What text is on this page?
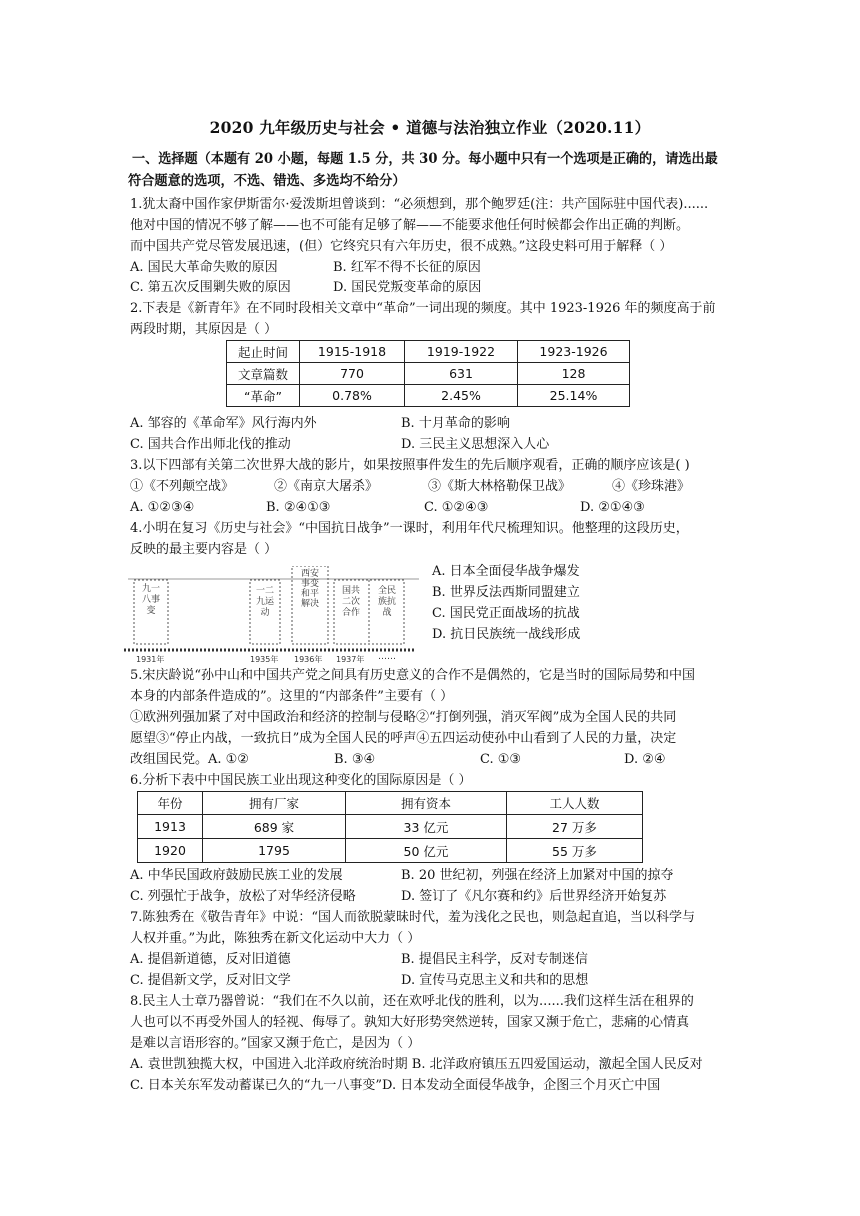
2020 九年级历史与社会 • 道德与法治独立作业（2020.11）
一、选择题（本题有 20 小题，每题 1.5 分，共 30 分。每小题中只有一个选项是正确的，请选出最
符合题意的选项，不选、错选、多选均不给分）
1.犹太裔中国作家伊斯雷尔·爱泼斯坦曾谈到：“必须想到，那个鲍罗廷(注：共产国际驻中国代表)......
他对中国的情况不够了解——也不可能有足够了解——不能要求他任何时候都会作出正确的判断。
而中国共产党尽管发展迅速，(但）它终究只有六年历史，很不成熟。”这段史料可用于解释（ ）
A. 国民大革命失败的原因	B. 红军不得不长征的原因
C. 第五次反围剿失败的原因	D. 国民党叛变革命的原因
2.下表是《新青年》在不同时段相关文章中“革命”一词出现的频度。其中 1923-1926 年的频度高于前
两段时期，其原因是（ ）
起止时间	1915-1918	1919-1922	1923-1926
文章篇数	770	631	128
“革命”	0.78%	2.45%	25.14%
A. 邹容的《革命军》风行海内外	B. 十月革命的影响
C. 国共合作出师北伐的推动	D. 三民主义思想深入人心
3.以下四部有关第二次世界大战的影片，如果按照事件发生的先后顺序观看，正确的顺序应该是( )
①《不列颠空战》	②《南京大屠杀》	③《斯大林格勒保卫战》	④《珍珠港》
A. ①②③④	B. ②④①③	C. ①②④③	D. ②①④③
4.小明在复习《历史与社会》“中国抗日战争”一课时，利用年代尺梳理知识。他整理的这段历史，
反映的最主要内容是（ ）
九一八事变
一二九运动
西安事变和平解决
国共二次合作
全民族抗战
1931年	1935年 1936年 1937年 ……
A. 日本全面侵华战争爆发
B. 世界反法西斯同盟建立
C. 国民党正面战场的抗战
D. 抗日民族统一战线形成
5.宋庆龄说“孙中山和中国共产党之间具有历史意义的合作不是偶然的，它是当时的国际局势和中国
本身的内部条件造成的”。这里的“内部条件”主要有（ ）
①欧洲列强加紧了对中国政治和经济的控制与侵略②“打倒列强，消灭军阀”成为全国人民的共同
愿望③“停止内战，一致抗日”成为全国人民的呼声④五四运动使孙中山看到了人民的力量，决定
改组国民党。A. ①②	B. ③④	C. ①③	D. ②④
6.分析下表中中国民族工业出现这种变化的国际原因是（ ）
年份	拥有厂家	拥有资本	工人人数
1913	689 家	33 亿元	27 万多
1920	1795	50 亿元	55 万多
A. 中华民国政府鼓励民族工业的发展	B. 20 世纪初，列强在经济上加紧对中国的掠夺
C. 列强忙于战争，放松了对华经济侵略	D. 签订了《凡尔赛和约》后世界经济开始复苏
7.陈独秀在《敬告青年》中说：“国人而欲脱蒙昧时代，羞为浅化之民也，则急起直追，当以科学与
人权并重。”为此，陈独秀在新文化运动中大力（ ）
A. 提倡新道德，反对旧道德	B. 提倡民主科学，反对专制迷信
C. 提倡新文学，反对旧文学	D. 宣传马克思主义和共和的思想
8.民主人士章乃器曾说：“我们在不久以前，还在欢呼北伐的胜利，以为......我们这样生活在租界的
人也可以不再受外国人的轻视、侮辱了。孰知大好形势突然逆转，国家又濒于危亡，悲痛的心情真
是难以言语形容的。”国家又濒于危亡，是因为（ ）
A. 袁世凯独揽大权，中国进入北洋政府统治时期 B. 北洋政府镇压五四爱国运动，激起全国人民反对
C. 日本关东军发动蓄谋已久的“九一八事变”D. 日本发动全面侵华战争，企图三个月灭亡中国
